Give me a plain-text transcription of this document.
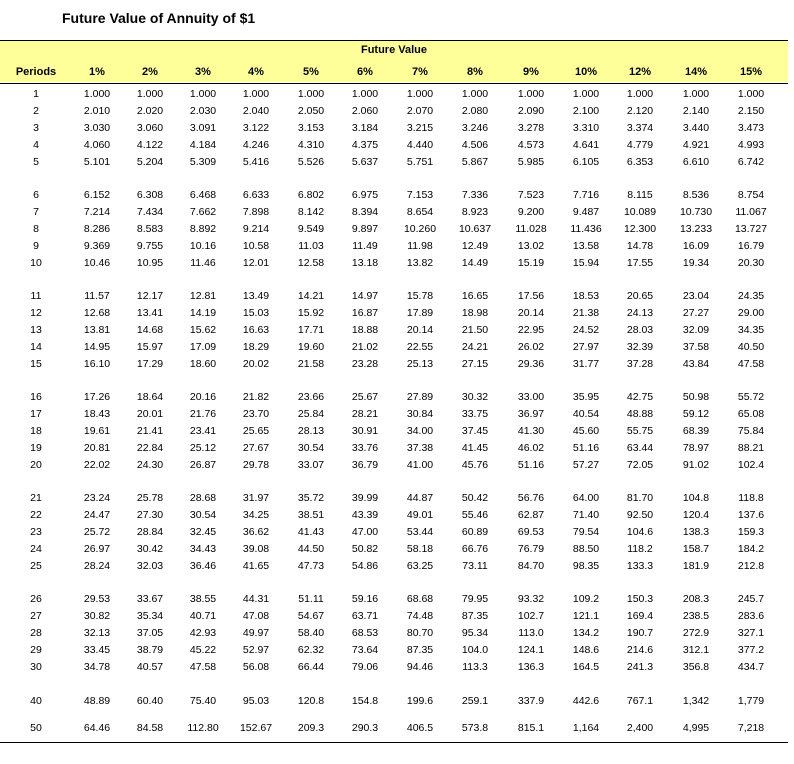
Future Value of Annuity of $1
Future Value
Periods	1%	2%	3%	4%	5%	6%	7%	8%	9%	10%	12%	14%	15%
1	1.000	1.000	1.000	1.000	1.000	1.000	1.000	1.000	1.000	1.000	1.000	1.000	1.000
2	2.010	2.020	2.030	2.040	2.050	2.060	2.070	2.080	2.090	2.100	2.120	2.140	2.150
3	3.030	3.060	3.091	3.122	3.153	3.184	3.215	3.246	3.278	3.310	3.374	3.440	3.473
4	4.060	4.122	4.184	4.246	4.310	4.375	4.440	4.506	4.573	4.641	4.779	4.921	4.993
5	5.101	5.204	5.309	5.416	5.526	5.637	5.751	5.867	5.985	6.105	6.353	6.610	6.742
6	6.152	6.308	6.468	6.633	6.802	6.975	7.153	7.336	7.523	7.716	8.115	8.536	8.754
7	7.214	7.434	7.662	7.898	8.142	8.394	8.654	8.923	9.200	9.487	10.089	10.730	11.067
8	8.286	8.583	8.892	9.214	9.549	9.897	10.260	10.637	11.028	11.436	12.300	13.233	13.727
9	9.369	9.755	10.16	10.58	11.03	11.49	11.98	12.49	13.02	13.58	14.78	16.09	16.79
10	10.46	10.95	11.46	12.01	12.58	13.18	13.82	14.49	15.19	15.94	17.55	19.34	20.30
11	11.57	12.17	12.81	13.49	14.21	14.97	15.78	16.65	17.56	18.53	20.65	23.04	24.35
12	12.68	13.41	14.19	15.03	15.92	16.87	17.89	18.98	20.14	21.38	24.13	27.27	29.00
13	13.81	14.68	15.62	16.63	17.71	18.88	20.14	21.50	22.95	24.52	28.03	32.09	34.35
14	14.95	15.97	17.09	18.29	19.60	21.02	22.55	24.21	26.02	27.97	32.39	37.58	40.50
15	16.10	17.29	18.60	20.02	21.58	23.28	25.13	27.15	29.36	31.77	37.28	43.84	47.58
16	17.26	18.64	20.16	21.82	23.66	25.67	27.89	30.32	33.00	35.95	42.75	50.98	55.72
17	18.43	20.01	21.76	23.70	25.84	28.21	30.84	33.75	36.97	40.54	48.88	59.12	65.08
18	19.61	21.41	23.41	25.65	28.13	30.91	34.00	37.45	41.30	45.60	55.75	68.39	75.84
19	20.81	22.84	25.12	27.67	30.54	33.76	37.38	41.45	46.02	51.16	63.44	78.97	88.21
20	22.02	24.30	26.87	29.78	33.07	36.79	41.00	45.76	51.16	57.27	72.05	91.02	102.4
21	23.24	25.78	28.68	31.97	35.72	39.99	44.87	50.42	56.76	64.00	81.70	104.8	118.8
22	24.47	27.30	30.54	34.25	38.51	43.39	49.01	55.46	62.87	71.40	92.50	120.4	137.6
23	25.72	28.84	32.45	36.62	41.43	47.00	53.44	60.89	69.53	79.54	104.6	138.3	159.3
24	26.97	30.42	34.43	39.08	44.50	50.82	58.18	66.76	76.79	88.50	118.2	158.7	184.2
25	28.24	32.03	36.46	41.65	47.73	54.86	63.25	73.11	84.70	98.35	133.3	181.9	212.8
26	29.53	33.67	38.55	44.31	51.11	59.16	68.68	79.95	93.32	109.2	150.3	208.3	245.7
27	30.82	35.34	40.71	47.08	54.67	63.71	74.48	87.35	102.7	121.1	169.4	238.5	283.6
28	32.13	37.05	42.93	49.97	58.40	68.53	80.70	95.34	113.0	134.2	190.7	272.9	327.1
29	33.45	38.79	45.22	52.97	62.32	73.64	87.35	104.0	124.1	148.6	214.6	312.1	377.2
30	34.78	40.57	47.58	56.08	66.44	79.06	94.46	113.3	136.3	164.5	241.3	356.8	434.7
40	48.89	60.40	75.40	95.03	120.8	154.8	199.6	259.1	337.9	442.6	767.1	1,342	1,779
50	64.46	84.58	112.80	152.67	209.3	290.3	406.5	573.8	815.1	1,164	2,400	4,995	7,218
